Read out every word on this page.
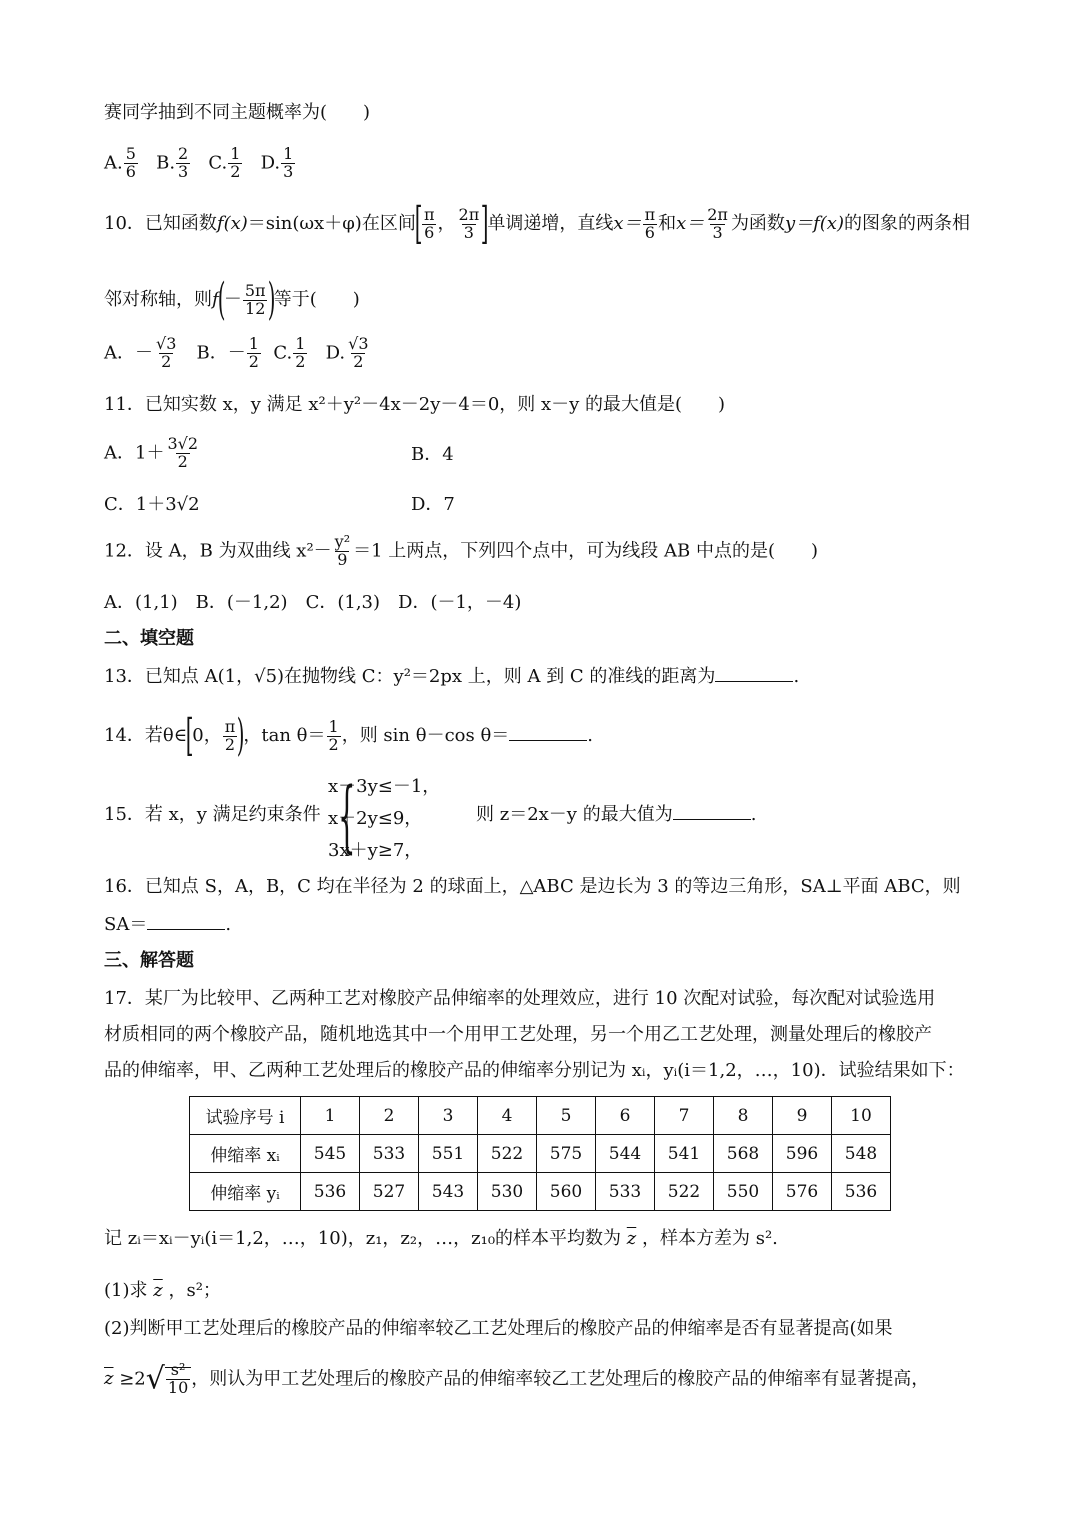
赛同学抽到不同主题概率为(　　)
A. $\frac{5}{6} B$. $\frac{2}{3} C$. $\frac{1}{2} D$. $\frac{1}{3}$
10．已知函数f(x)＝sin(ωx＋φ)在区间[ $\frac{\pi}{6}$ ， $\frac{2\pi}{3}$ ]单调递增，直线$x= \frac{\pi}{6}$ 和$x= \frac{2\pi}{3}$ 为函数y＝f(x)的图象的两条相
邻对称轴，则$f(- \frac{5\pi}{12}$ )等于(　　)
A．－ $\frac{√3}{2}$ B．－ $\frac{1}{2} C$. $\frac{1}{2} D$. $\frac{√3}{2}$
11．已知实数 x，y 满足 x²＋y²－4x－2y－4＝0，则 x－y 的最大值是(　　)
A．$1+ \frac{3√2}{2}$	B．4
C．1＋3√2	D．7
12．设 A，B 为双曲线 $x^2- \frac{\text{y²}}{9} =1$ 上两点，下列四个点中，可为线段 AB 中点的是(　　)
A．(1,1)　B．(－1,2)　C．(1,3)　D．(－1，－4)
二、填空题
13．已知点 A(1，√5)在抛物线 C：y²＝2px 上，则 A 到 C 的准线的距离为	.
14．若θ∈[0， $\frac{\pi}{2}$ )，$\tan \theta= \frac{1}{2}$ ，则 sin θ－cos θ＝	.
15．若 x，y 满足约束条件 {
x－3y≤－1，
x＋2y≤9，
3x＋y≥7，
则 z＝2x－y 的最大值为	.
16．已知点 S，A，B，C 均在半径为 2 的球面上，△ABC 是边长为 3 的等边三角形，SA⊥平面 ABC，则
SA＝	.
三、解答题
17．某厂为比较甲、乙两种工艺对橡胶产品伸缩率的处理效应，进行 10 次配对试验，每次配对试验选用
材质相同的两个橡胶产品，随机地选其中一个用甲工艺处理，另一个用乙工艺处理，测量处理后的橡胶产
品的伸缩率，甲、乙两种工艺处理后的橡胶产品的伸缩率分别记为 xᵢ，yᵢ(i＝1,2，…，10)．试验结果如下：
试验序号 i	1	2	3	4	5	6	7	8	9	10
伸缩率 xᵢ	545	533	551	522	575	544	541	568	596	548
伸缩率 yᵢ	536	527	543	530	560	533	522	550	576	536
记 zᵢ＝xᵢ－yᵢ(i＝1,2，…，10)，z₁，z₂，…，z₁₀的样本平均数为 $\overline{z}$ ，样本方差为 s².
(1)求 $\overline{z}$ ，s²；
(2)判断甲工艺处理后的橡胶产品的伸缩率较乙工艺处理后的橡胶产品的伸缩率是否有显著提高(如果
$\overline{z} \ge 2√ \frac{\text{s²}}{10}$ ，则认为甲工艺处理后的橡胶产品的伸缩率较乙工艺处理后的橡胶产品的伸缩率有显著提高，
